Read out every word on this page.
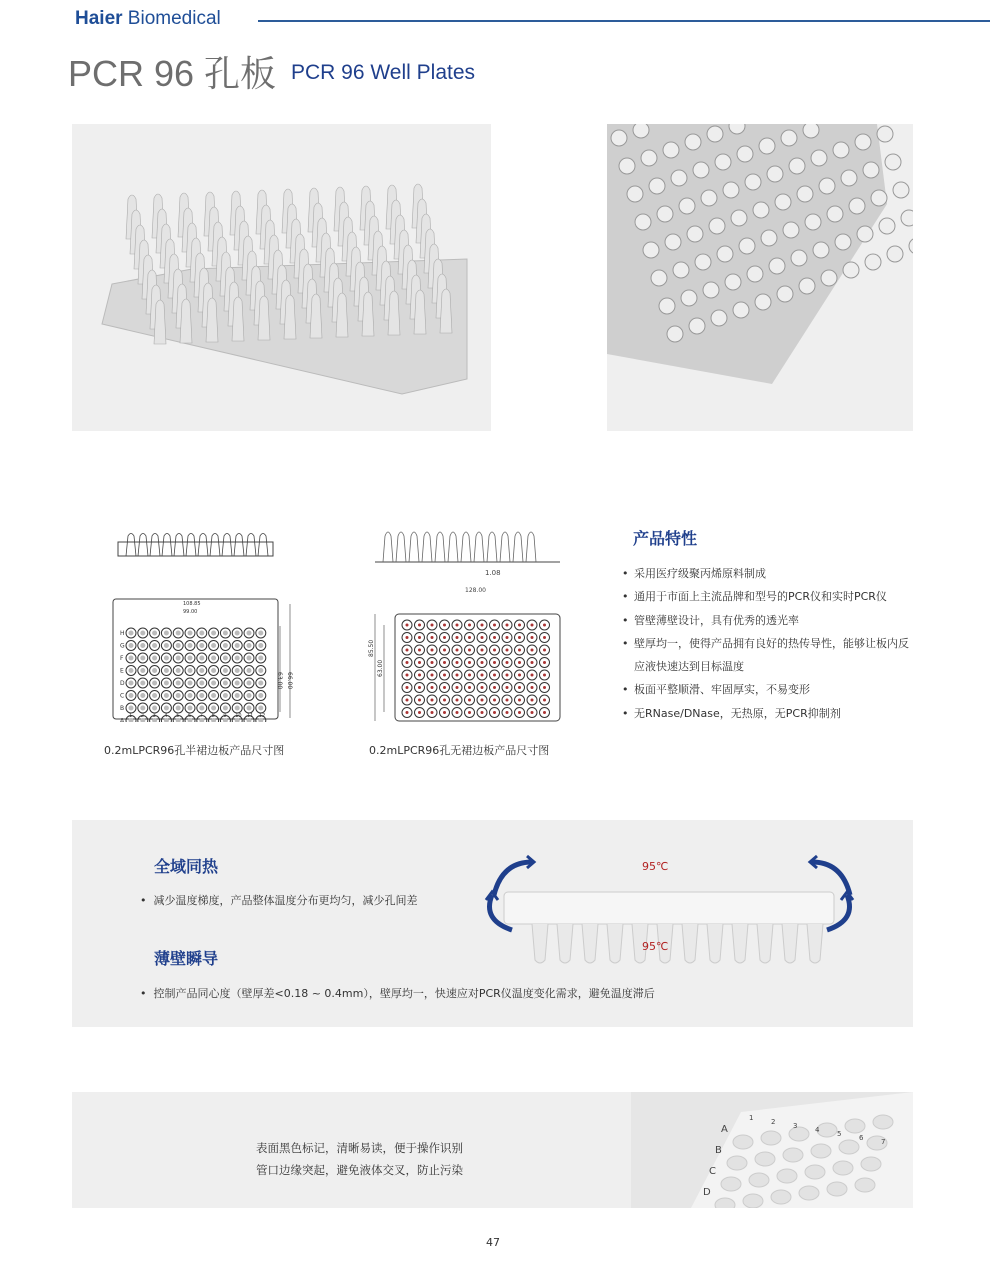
Haier Biomedical
PCR 96 孔板 PCR 96 Well Plates
63.00 66.00
H
G
F
E
D
C
B
A
1 2 3 4 5 6 7 8 9 10 11 12
108.85
99.00
0.2mLPCR96孔半裙边板产品尺寸图
1.08
128.00
85.50
63.00
0.2mLPCR96孔无裙边板产品尺寸图
产品特性
• 采用医疗级聚丙烯原料制成
• 通用于市面上主流品牌和型号的PCR仪和实时PCR仪
• 管壁薄壁设计，具有优秀的透光率
• 壁厚均一，使得产品拥有良好的热传导性，能够让板内反应液快速达到目标温度
• 板面平整顺滑、牢固厚实，不易变形
• 无RNase/DNase，无热原，无PCR抑制剂
全域同热
•  减少温度梯度，产品整体温度分布更均匀，减少孔间差
薄壁瞬导
•  控制产品同心度（壁厚差<0.18 ~ 0.4mm），壁厚均一，快速应对PCR仪温度变化需求，避免温度滞后
95℃
95℃
表面黑色标记，清晰易读，便于操作识别
管口边缘突起，避免液体交叉，防止污染
A
B
C
D
1	2	3	4	5	6	7
47
